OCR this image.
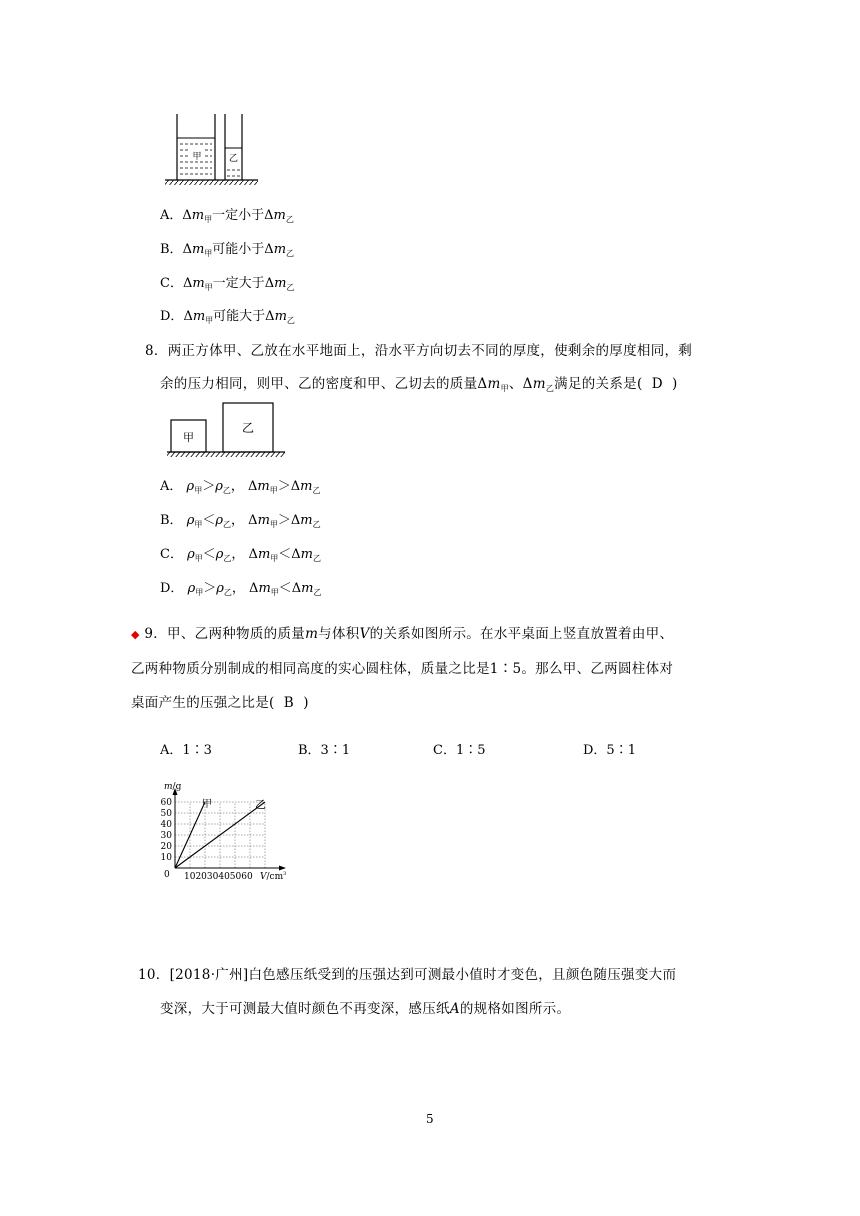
甲	乙
A．$\Delta m_甲$一定小于$\Delta m_乙$
B．$\Delta m_甲$可能小于$\Delta m_乙$
C．$\Delta m_甲$一定大于$\Delta m_乙$
D．$\Delta m_甲$可能大于$\Delta m_乙$
8．两正方体甲、乙放在水平地面上，沿水平方向切去不同的厚度，使剩余的厚度相同，剩
余的压力相同，则甲、乙的密度和甲、乙切去的质量$\Delta m_甲$、$\Delta m_乙$满足的关系是( D )
甲
乙
A． $\rho_甲>\rho_乙$， $\Delta m_甲>\Delta m_乙$
B． $\rho_甲<\rho_乙$， $\Delta m_甲>\Delta m_乙$
C． $\rho_甲<\rho_乙$， $\Delta m_甲<\Delta m_乙$
D． $\rho_甲>\rho_乙$， $\Delta m_甲<\Delta m_乙$
◆ 9．甲、乙两种物质的质量m与体积V的关系如图所示。在水平桌面上竖直放置着由甲、
乙两种物质分别制成的相同高度的实心圆柱体，质量之比是1∶5。那么甲、乙两圆柱体对
桌面产生的压强之比是( B )
A．1∶3	B．3∶1	C．1∶5	D．5∶1
m/g
0
60
50
40
30
20
10
102030405060 $V/cm^3$
甲	乙
10．[2018·广州]白色感压纸受到的压强达到可测最小值时才变色，且颜色随压强变大而
变深，大于可测最大值时颜色不再变深，感压纸A的规格如图所示。
5
